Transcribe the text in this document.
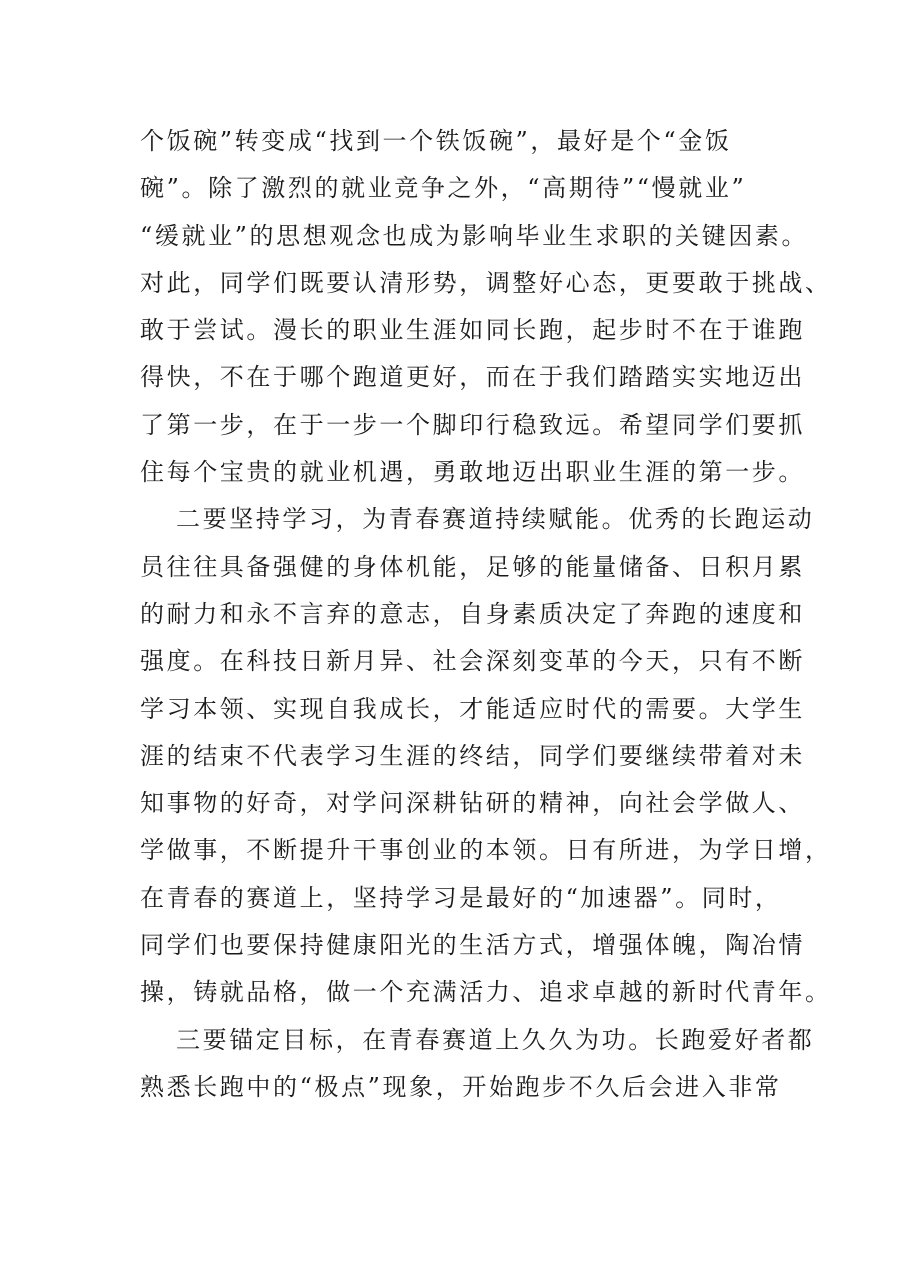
个饭碗”转变成“找到一个铁饭碗”，最好是个“金饭
碗”。除了激烈的就业竞争之外，“高期待”“慢就业”
“缓就业”的思想观念也成为影响毕业生求职的关键因素。
对此，同学们既要认清形势，调整好心态，更要敢于挑战、
敢于尝试。漫长的职业生涯如同长跑，起步时不在于谁跑
得快，不在于哪个跑道更好，而在于我们踏踏实实地迈出
了第一步，在于一步一个脚印行稳致远。希望同学们要抓
住每个宝贵的就业机遇，勇敢地迈出职业生涯的第一步。
二要坚持学习，为青春赛道持续赋能。优秀的长跑运动
员往往具备强健的身体机能，足够的能量储备、日积月累
的耐力和永不言弃的意志，自身素质决定了奔跑的速度和
强度。在科技日新月异、社会深刻变革的今天，只有不断
学习本领、实现自我成长，才能适应时代的需要。大学生
涯的结束不代表学习生涯的终结，同学们要继续带着对未
知事物的好奇，对学问深耕钻研的精神，向社会学做人、
学做事，不断提升干事创业的本领。日有所进，为学日增，
在青春的赛道上，坚持学习是最好的“加速器”。同时，
同学们也要保持健康阳光的生活方式，增强体魄，陶冶情
操，铸就品格，做一个充满活力、追求卓越的新时代青年。
三要锚定目标，在青春赛道上久久为功。长跑爱好者都
熟悉长跑中的“极点”现象，开始跑步不久后会进入非常
